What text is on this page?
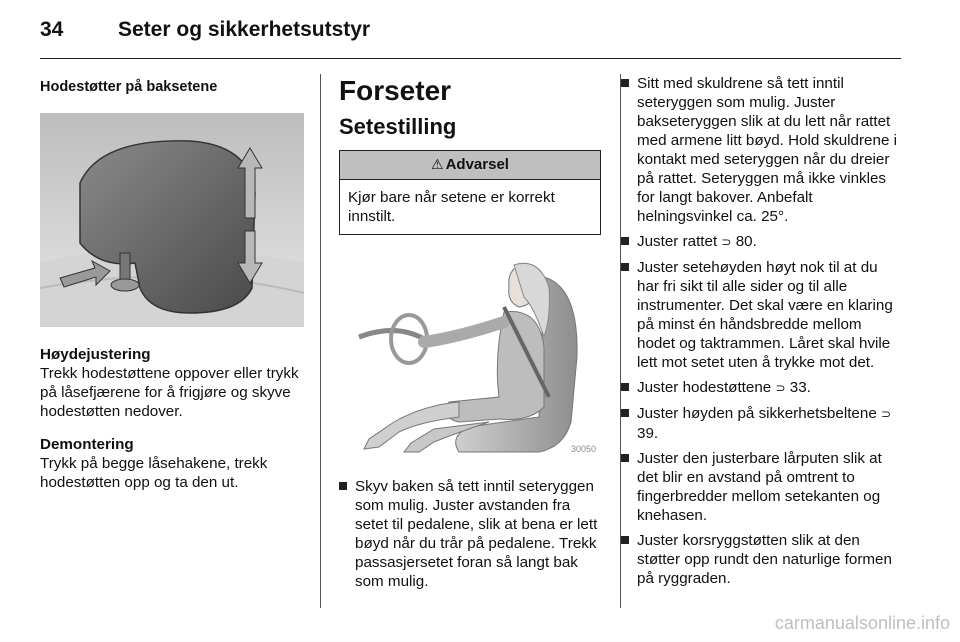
34	Seter og sikkerhetsutstyr
Hodestøtter på baksetene
Høydejustering
Trekk hodestøttene oppover eller trykk på låsefjærene for å frigjøre og skyve hodestøtten nedover.
Demontering
Trykk på begge låsehakene, trekk hodestøtten opp og ta den ut.
Forseter
Setestilling
⚠ Advarsel
Kjør bare når setene er korrekt innstilt.
30050
Skyv baken så tett inntil seteryggen som mulig. Juster avstanden fra setet til pedalene, slik at bena er lett bøyd når du trår på pedalene. Trekk passasjersetet foran så langt bak som mulig.
Sitt med skuldrene så tett inntil seteryggen som mulig. Juster bakseteryggen slik at du lett når rattet med armene litt bøyd. Hold skuldrene i kontakt med seteryggen når du dreier på rattet. Seteryggen må ikke vinkles for langt bakover. Anbefalt helningsvinkel ca. 25°.
Juster rattet ⊃ 80.
Juster setehøyden høyt nok til at du har fri sikt til alle sider og til alle instrumenter. Det skal være en klaring på minst én håndsbredde mellom hodet og taktrammen. Låret skal hvile lett mot setet uten å trykke mot det.
Juster hodestøttene ⊃ 33.
Juster høyden på sikkerhetsbeltene ⊃ 39.
Juster den justerbare lårputen slik at det blir en avstand på omtrent to fingerbredder mellom setekanten og knehasen.
Juster korsryggstøtten slik at den støtter opp rundt den naturlige formen på ryggraden.
carmanualsonline.info
